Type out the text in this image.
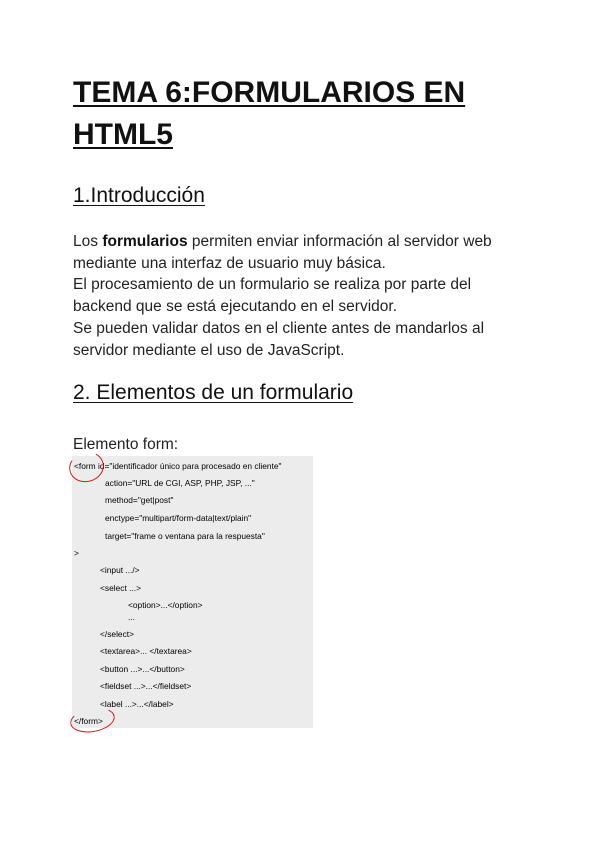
TEMA 6:FORMULARIOS EN HTML5
1.Introducción

Los formularios permiten enviar información al servidor web
mediante una interfaz de usuario muy básica.
El procesamiento de un formulario se realiza por parte del
backend que se está ejecutando en el servidor.
Se pueden validar datos en el cliente antes de mandarlos al
servidor mediante el uso de JavaScript.

2. Elementos de un formulario

Elemento form:

<form id="identificador único para procesado en cliente"
action="URL de CGI, ASP, PHP, JSP, ..."
method="get|post"
enctype="multipart/form-data|text/plain"
target="frame o ventana para la respuesta"
>
<input .../>
<select ...>
<option>...</option>
...
</select>
<textarea>... </textarea>
<button ...>...</button>
<fieldset ...>...</fieldset>
<label ...>...</label>
</form>
